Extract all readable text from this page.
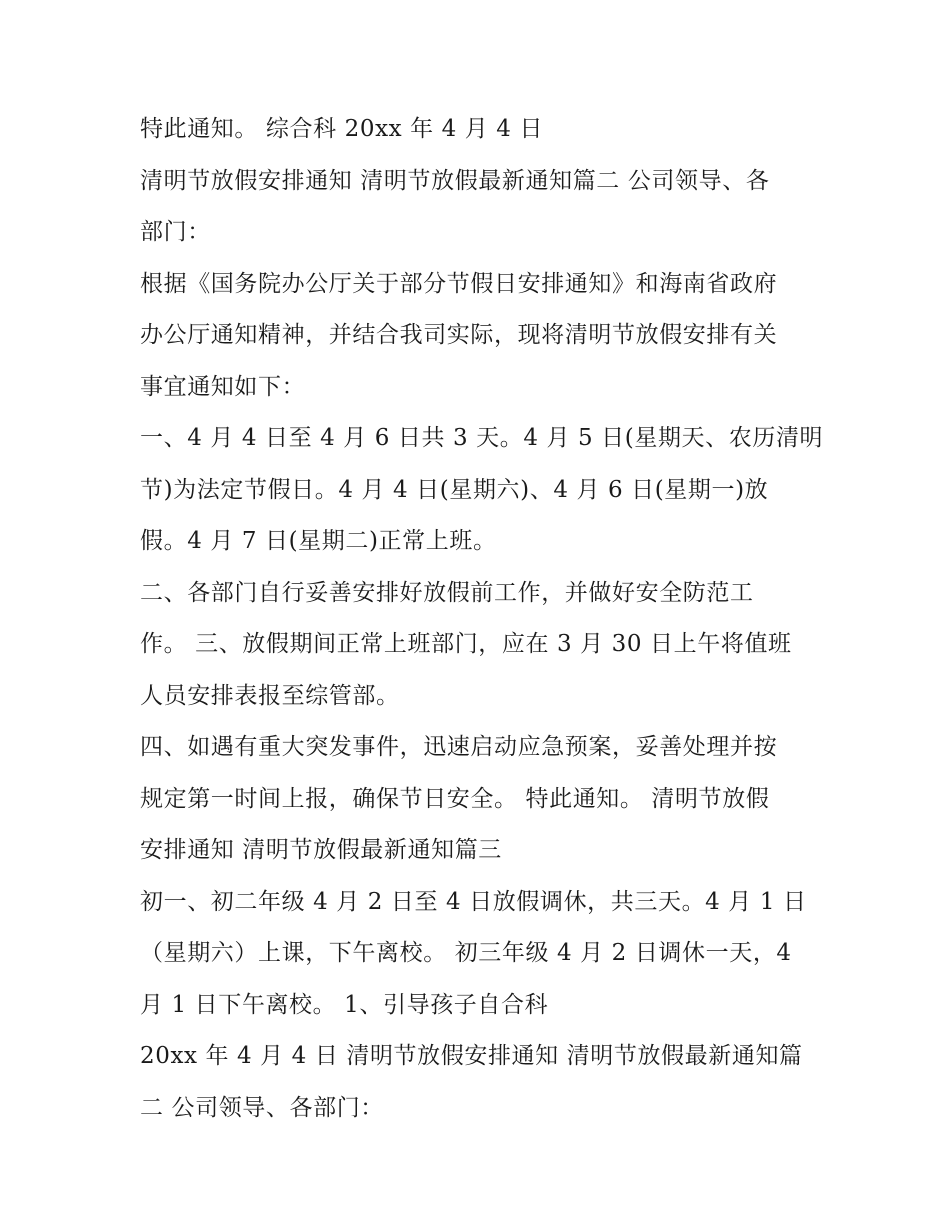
特此通知。 综合科 20xx 年 4 月 4 日
清明节放假安排通知 清明节放假最新通知篇二 公司领导、各
部门：
根据《国务院办公厅关于部分节假日安排通知》和海南省政府
办公厅通知精神，并结合我司实际，现将清明节放假安排有关
事宜通知如下：
一、4 月 4 日至 4 月 6 日共 3 天。4 月 5 日(星期天、农历清明
节)为法定节假日。4 月 4 日(星期六)、4 月 6 日(星期一)放
假。4 月 7 日(星期二)正常上班。
二、各部门自行妥善安排好放假前工作，并做好安全防范工
作。 三、放假期间正常上班部门，应在 3 月 30 日上午将值班
人员安排表报至综管部。
四、如遇有重大突发事件，迅速启动应急预案，妥善处理并按
规定第一时间上报，确保节日安全。 特此通知。 清明节放假
安排通知 清明节放假最新通知篇三
初一、初二年级 4 月 2 日至 4 日放假调休，共三天。4 月 1 日
（星期六）上课，下午离校。 初三年级 4 月 2 日调休一天，4
月 1 日下午离校。 1、引导孩子自合科
20xx 年 4 月 4 日 清明节放假安排通知 清明节放假最新通知篇
二 公司领导、各部门：
